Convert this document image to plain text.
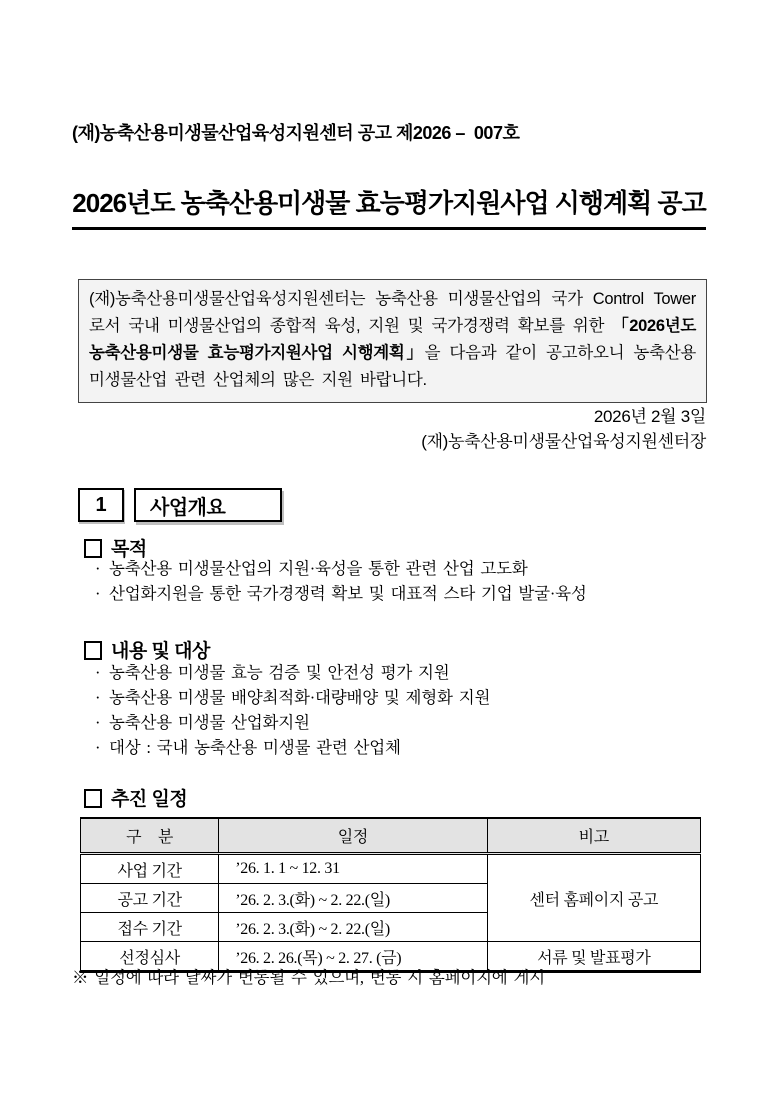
(재)농축산용미생물산업육성지원센터 공고 제2026 –  007호
2026년도 농축산용미생물 효능평가지원사업 시행계획 공고
(재)농축산용미생물산업육성지원센터는 농축산용 미생물산업의 국가 Control Tower 로서 국내 미생물산업의 종합적 육성, 지원 및 국가경쟁력 확보를 위한 「2026년도 농축산용미생물 효능평가지원사업 시행계획」을 다음과 같이 공고하오니 농축산용 미생물산업 관련 산업체의 많은 지원 바랍니다.
2026년 2월 3일
(재)농축산용미생물산업육성지원센터장
1	사업개요
목적
· 농축산용 미생물산업의 지원·육성을 통한 관련 산업 고도화
· 산업화지원을 통한 국가경쟁력 확보 및 대표적 스타 기업 발굴·육성
내용 및 대상
· 농축산용 미생물 효능 검증 및 안전성 평가 지원
· 농축산용 미생물 배양최적화·대량배양 및 제형화 지원
· 농축산용 미생물 산업화지원
· 대상 : 국내 농축산용 미생물 관련 산업체
추진 일정
구    분	일정	비고
사업 기간	’26. 1. 1 ~ 12. 31	센터 홈페이지 공고
공고 기간	’26. 2. 3.(화) ~ 2. 22.(일)	
접수 기간	’26. 2. 3.(화) ~ 2. 22.(일)	
선정심사	’26. 2. 26.(목) ~ 2. 27. (금)	서류 및 발표평가
※ 일정에 따라 날짜가 변동될 수 있으며, 변동 시 홈페이지에 게시
